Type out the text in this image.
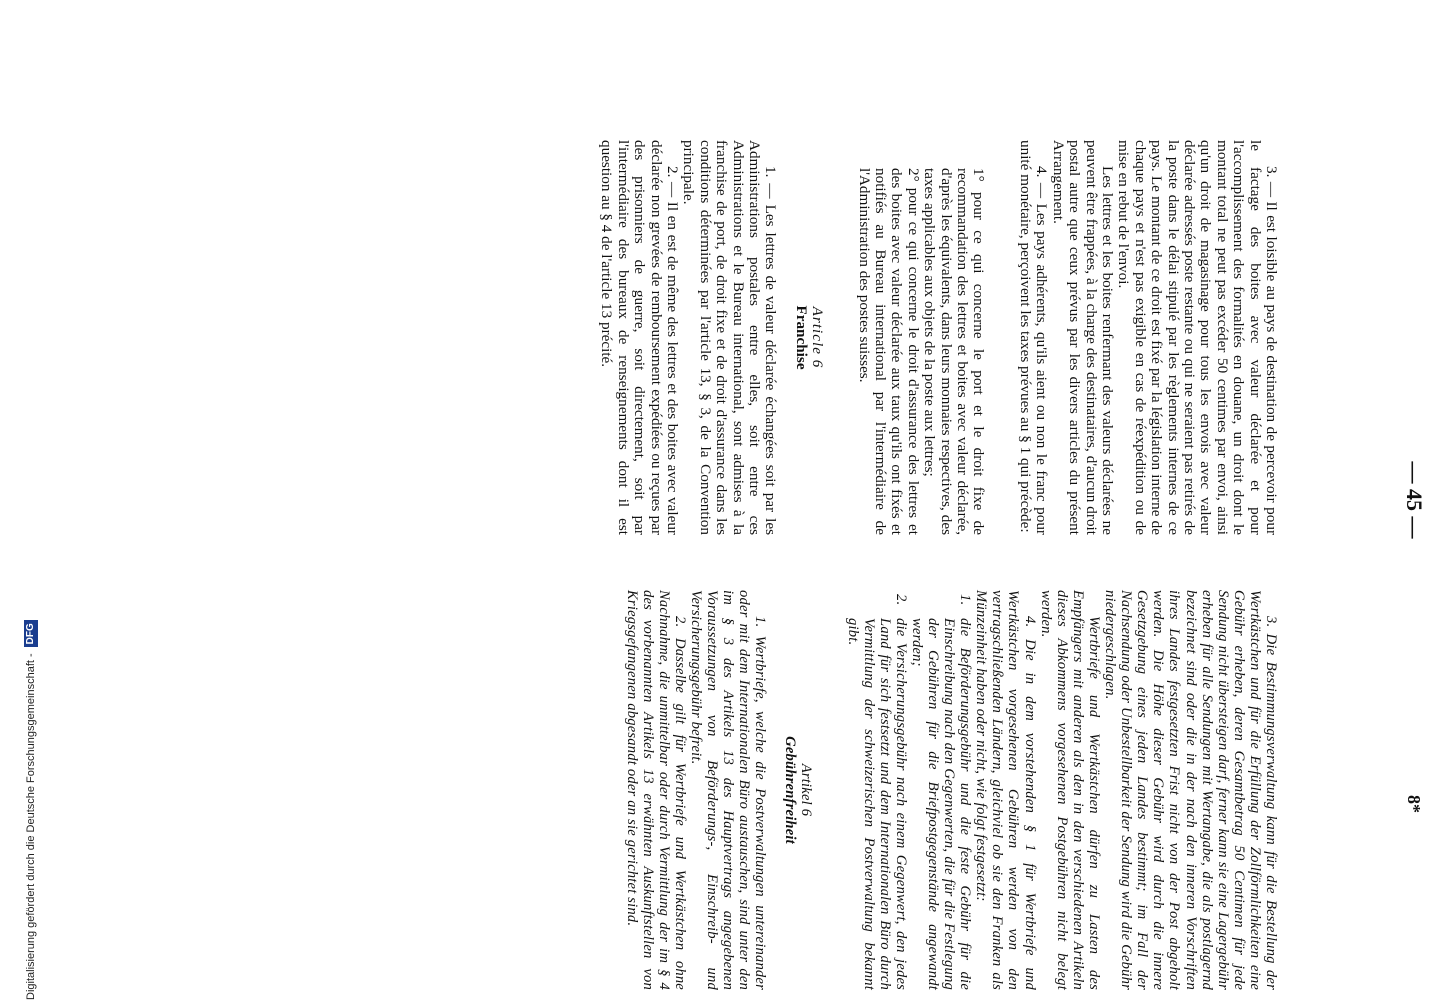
— 45 —

3. — Il est loisible au pays de destination de percevoir pour le factage des boites avec valeur déclarée et pour l'accomplissement des formalités en douane, un droit dont le montant total ne peut pas excéder 50 centimes par envoi, ainsi qu'un droit de magasinage pour tous les envois avec valeur déclarée adressés poste restante ou qui ne seraient pas retirés de la poste dans le délai stipulé par les règlements internes de ce pays. Le montant de ce droit est fixé par la législation interne de chaque pays et n'est pas exigible en cas de réexpédition ou de mise en rebut de l'envoi.

Les lettres et les boites renfermant des valeurs déclarées ne peuvent être frappées, à la charge des destinataires, d'aucun droit postal autre que ceux prévus par les divers articles du présent Arrangement.

4. — Les pays adhérents, qu'ils aient ou non le franc pour unité monétaire, perçoivent les taxes prévues au § 1 qui précède:

1° pour ce qui concerne le port et le droit fixe de recommandation des lettres et boites avec valeur déclarée, d'après les équivalents, dans leurs monnaies respectives, des taxes applicables aux objets de la poste aux lettres;

2° pour ce qui concerne le droit d'assurance des lettres et des boites avec valeur déclarée aux taux qu'ils ont fixés et notifiés au Bureau international par l'intermédiaire de l'Administration des postes suisses.

Article 6
Franchise

1. — Les lettres de valeur déclarée échangées soit par les Administrations postales entre elles, soit entre ces Administrations et le Bureau international, sont admises à la franchise de port, de droit fixe et de droit d'assurance dans les conditions déterminées par l'article 13, § 3, de la Convention principale.

2. — Il en est de même des lettres et des boites avec valeur déclarée non grevées de remboursement expédiées ou reçues par des prisonniers de guerre, soit directement, soit par l'intermédiaire des bureaux de renseignements dont il est question au § 4 de l'article 13 précité.

3. Die Bestimmungsverwaltung kann für die Bestellung der Wertkästchen und für die Erfüllung der Zollförmlichkeiten eine Gebühr erheben, deren Gesamtbetrag 50 Centimen für jede Sendung nicht übersteigen darf, ferner kann sie eine Lagergebühr erheben für alle Sendungen mit Wertangabe, die als postlagernd bezeichnet sind oder die in der nach den inneren Vorschriften ihres Landes festgesetzten Frist nicht von der Post abgeholt werden. Die Höhe dieser Gebühr wird durch die innere Gesetzgebung eines jeden Landes bestimmt; im Fall der Nachsendung oder Unbestellbarkeit der Sendung wird die Gebühr niedergeschlagen.

Wertbriefe und Wertkästchen dürfen zu Lasten des Empfängers mit anderen als den in den verschiedenen Artikeln dieses Abkommens vorgesehenen Postgebühren nicht belegt werden.

4. Die in dem vorstehenden § 1 für Wertbriefe und Wertkästchen vorgesehenen Gebühren werden von den vertragschließenden Ländern, gleichviel ob sie den Franken als Münzeinheit haben oder nicht, wie folgt festgesetzt:

1.die Beförderungsgebühr und die feste Gebühr für die Einschreibung nach den Gegenwerten, die für die Festlegung der Gebühren für die Briefpostgegenstände angewandt werden;

2.die Versicherungsgebühr nach einem Gegenwert, den jedes Land für sich festsetzt und dem Internationalen Büro durch Vermittlung der schweizerischen Postverwaltung bekannt gibt.

Artikel 6
Gebührenfreiheit

1. Wertbriefe, welche die Postverwaltungen untereinander oder mit dem Internationalen Büro austauschen, sind unter den im § 3 des Artikels 13 des Hauptvertrags angegebenen Voraussetzungen von Beförderungs-, Einschreib- und Versicherungsgebühr befreit.

2. Dasselbe gilt für Wertbriefe und Wertkästchen ohne Nachnahme, die unmittelbar oder durch Vermittlung der im § 4 des vorbenannten Artikels 13 erwähnten Auskunftstellen von Kriegsgefangenen abgesandt oder an sie gerichtet sind.	8*
Digitalisierung gefördert durch die Deutsche Forschungsgemeinschaft -DFG
